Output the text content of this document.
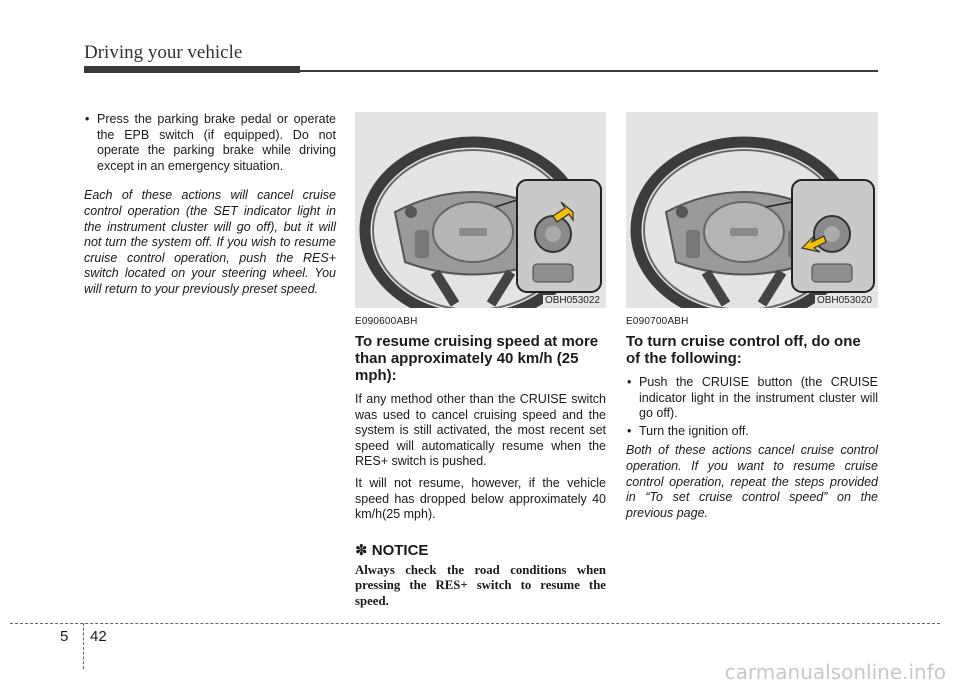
Driving your vehicle
• Press the parking brake pedal or operate the EPB switch (if equipped). Do not operate the parking brake while driving except in an emergency situation.
Each of these actions will cancel cruise control operation (the SET indicator light in the instrument cluster will go off), but it will not turn the system off. If you wish to resume cruise control operation, push the RES+ switch located on your steering wheel. You will return to your previously preset speed.
OBH053022
E090600ABH
To resume cruising speed at more than approximately 40 km/h (25 mph):

If any method other than the CRUISE switch was used to cancel cruising speed and the system is still activated, the most recent set speed will automatically resume when the RES+ switch is pushed.

It will not resume, however, if the vehicle speed has dropped below approximately 40 km/h(25 mph).

✽ NOTICE
Always check the road conditions when pressing the RES+ switch to resume the speed.
OBH053020
E090700ABH
To turn cruise control off, do one of the following:
• Push the CRUISE button (the CRUISE indicator light in the instrument cluster will go off).
• Turn the ignition off.
Both of these actions cancel cruise control operation. If you want to resume cruise control operation, repeat the steps provided in “To set cruise control speed” on the previous page.
5 42
carmanualsonline.info
